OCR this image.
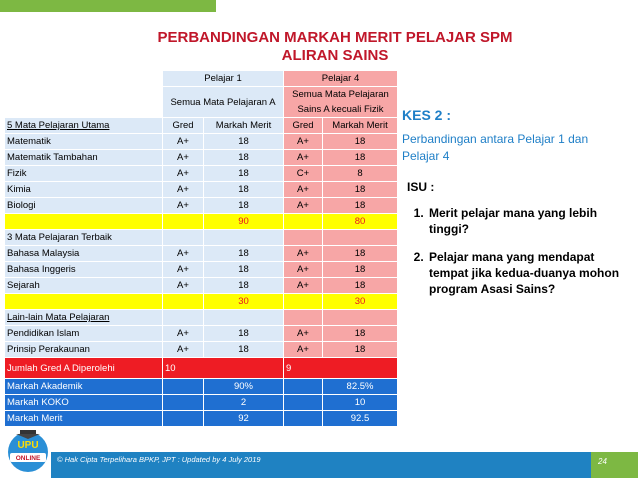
PERBANDINGAN MARKAH MERIT PELAJAR SPM
ALIRAN SAINS
	Pelajar 1		Pelajar 4	
	Semua Mata Pelajaran A		Semua Mata Pelajaran Sains A kecuali Fizik	
5 Mata Pelajaran Utama	Gred	Markah Merit	Gred	Markah Merit
Matematik	A+	18	A+	18
Matematik Tambahan	A+	18	A+	18
Fizik	A+	18	C+	8
Kimia	A+	18	A+	18
Biologi	A+	18	A+	18
		90		80
3 Mata Pelajaran Terbaik				
Bahasa Malaysia	A+	18	A+	18
Bahasa Inggeris	A+	18	A+	18
Sejarah	A+	18	A+	18
		30		30
Lain-lain Mata Pelajaran				
Pendidikan Islam	A+	18	A+	18
Prinsip Perakaunan	A+	18	A+	18
Jumlah Gred A Diperolehi	10		9	
Markah Akademik		90%		82.5%
Markah KOKO		2		10
Markah Merit		92		92.5
KES 2 :
Perbandingan antara Pelajar 1 dan Pelajar 4
ISU :
1. Merit pelajar mana yang lebih tinggi?
2. Pelajar mana yang mendapat tempat jika kedua-duanya mohon program Asasi Sains?
UPU
ONLINE © Hak Cipta Terpelihara BPKP, JPT : Updated by 4 July 2019	24
